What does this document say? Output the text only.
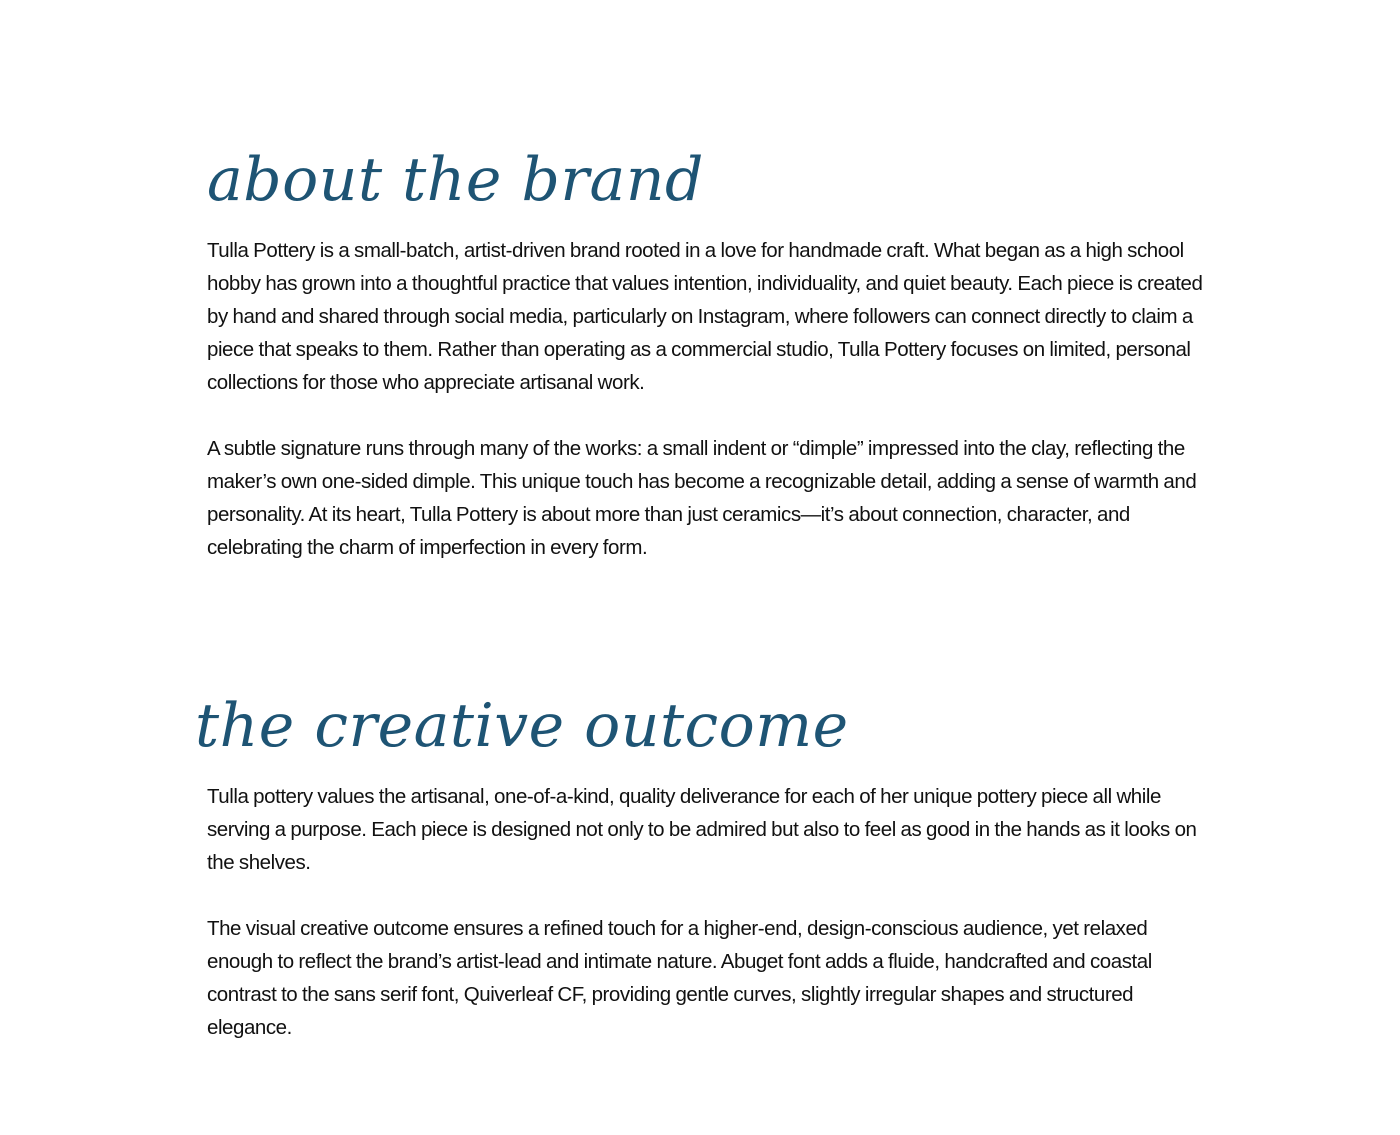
about the brand

Tulla Pottery is a small-batch, artist-driven brand rooted in a love for handmade craft. What began as a high school hobby has grown into a thoughtful practice that values intention, individuality, and quiet beauty. Each piece is created by hand and shared through social media, particularly on Instagram, where followers can connect directly to claim a piece that speaks to them. Rather than operating as a commercial studio, Tulla Pottery focuses on limited, personal collections for those who appreciate artisanal work.

A subtle signature runs through many of the works: a small indent or “dimple” impressed into the clay, reflecting the maker’s own one-sided dimple. This unique touch has become a recognizable detail, adding a sense of warmth and personality. At its heart, Tulla Pottery is about more than just ceramics—it’s about connection, character, and celebrating the charm of imperfection in every form.

the creative outcome

Tulla pottery values the artisanal, one-of-a-kind, quality deliverance for each of her unique pottery piece all while serving a purpose. Each piece is designed not only to be admired but also to feel as good in the hands as it looks on the shelves.

The visual creative outcome ensures a refined touch for a higher-end, design-conscious audience, yet relaxed enough to reflect the brand’s artist-lead and intimate nature. Abuget font adds a fluide, handcrafted and coastal contrast to the sans serif font, Quiverleaf CF, providing gentle curves, slightly irregular shapes and structured elegance.
